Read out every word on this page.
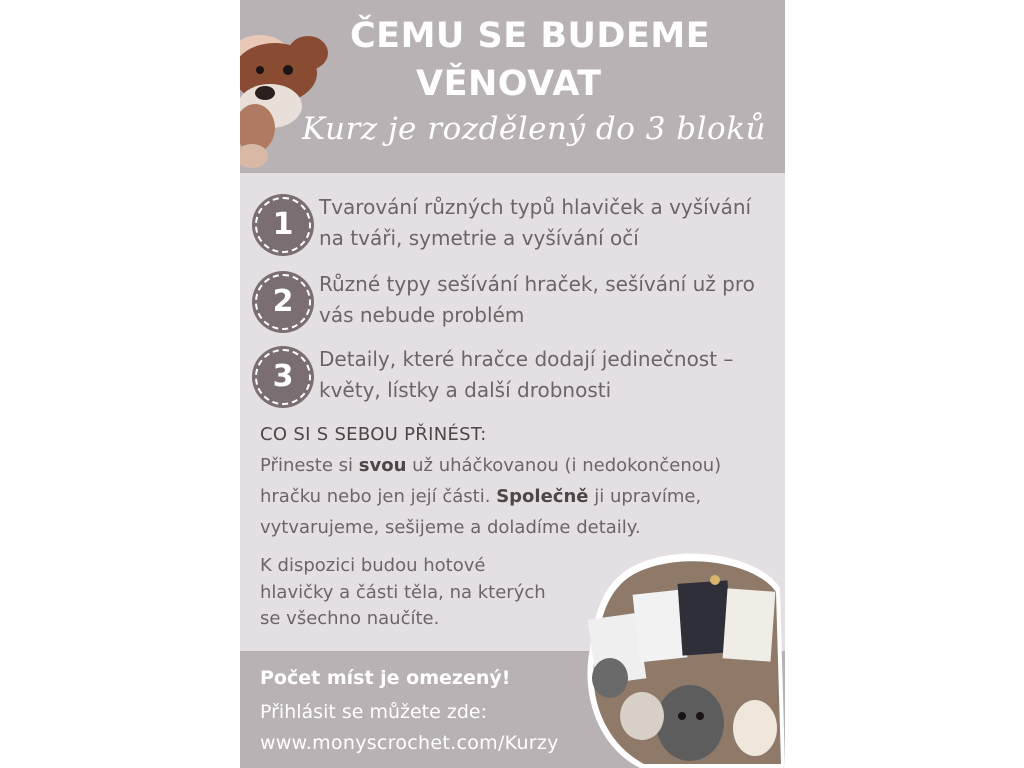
ČEMU SE BUDEME
VĚNOVAT
Kurz je rozdělený do 3 bloků
1	Tvarování různých typů hlaviček a vyšívání
na tváři, symetrie a vyšívání očí
2	Různé typy sešívání hraček, sešívání už pro
vás nebude problém
3	Detaily, které hračce dodají jedinečnost –
květy, lístky a další drobnosti
CO SI S SEBOU PŘINÉST:
Přineste si svou už uháčkovanou (i nedokončenou)
hračku nebo jen její části. Společně ji upravíme,
vytvarujeme, sešijeme a doladíme detaily.
K dispozici budou hotové
hlavičky a části těla, na kterých
se všechno naučíte.
Počet míst je omezený!
Přihlásit se můžete zde:
www.monyscrochet.com/Kurzy
